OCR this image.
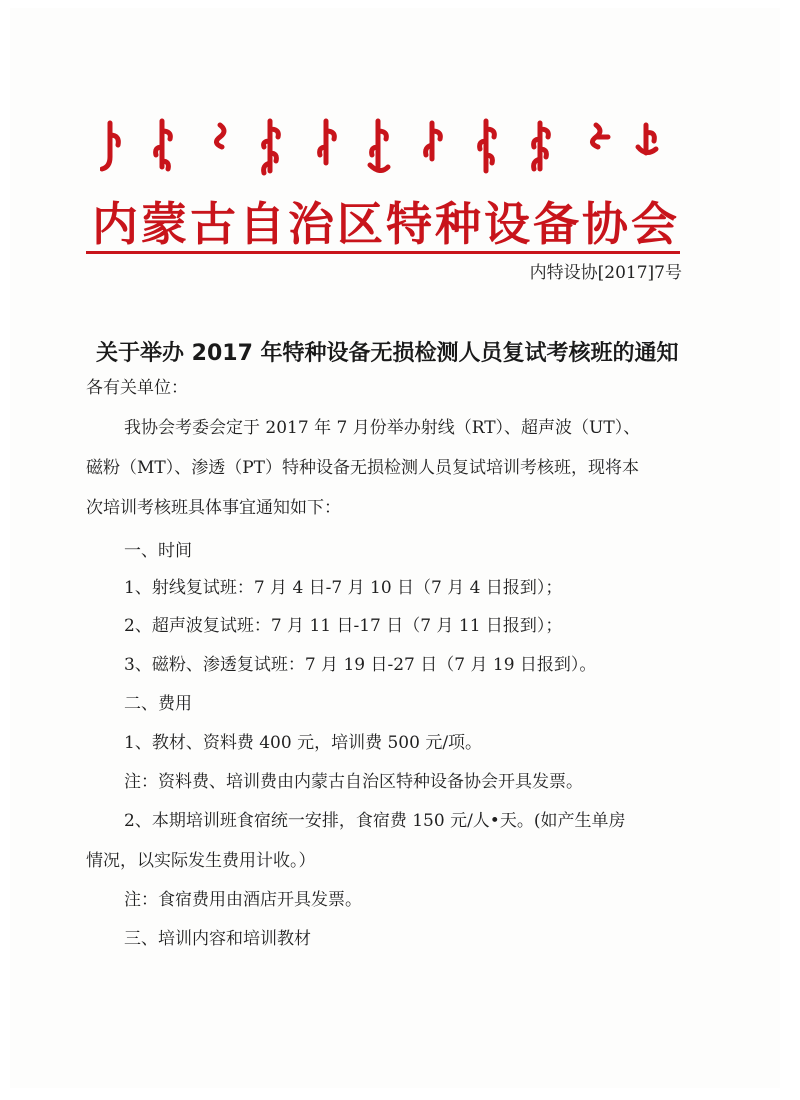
内蒙古自治区特种设备协会
内特设协[2017]7号
关于举办 2017 年特种设备无损检测人员复试考核班的通知
各有关单位：
我协会考委会定于 2017 年 7 月份举办射线（RT）、超声波（UT）、
磁粉（MT）、渗透（PT）特种设备无损检测人员复试培训考核班，现将本
次培训考核班具体事宜通知如下：
一、时间
1、射线复试班：7 月 4 日-7 月 10 日（7 月 4 日报到）；
2、超声波复试班：7 月 11 日-17 日（7 月 11 日报到）；
3、磁粉、渗透复试班：7 月 19 日-27 日（7 月 19 日报到）。
二、费用
1、教材、资料费 400 元，培训费 500 元/项。
注：资料费、培训费由内蒙古自治区特种设备协会开具发票。
2、本期培训班食宿统一安排，食宿费 150 元/人•天。(如产生单房
情况，以实际发生费用计收。）
注：食宿费用由酒店开具发票。
三、培训内容和培训教材
